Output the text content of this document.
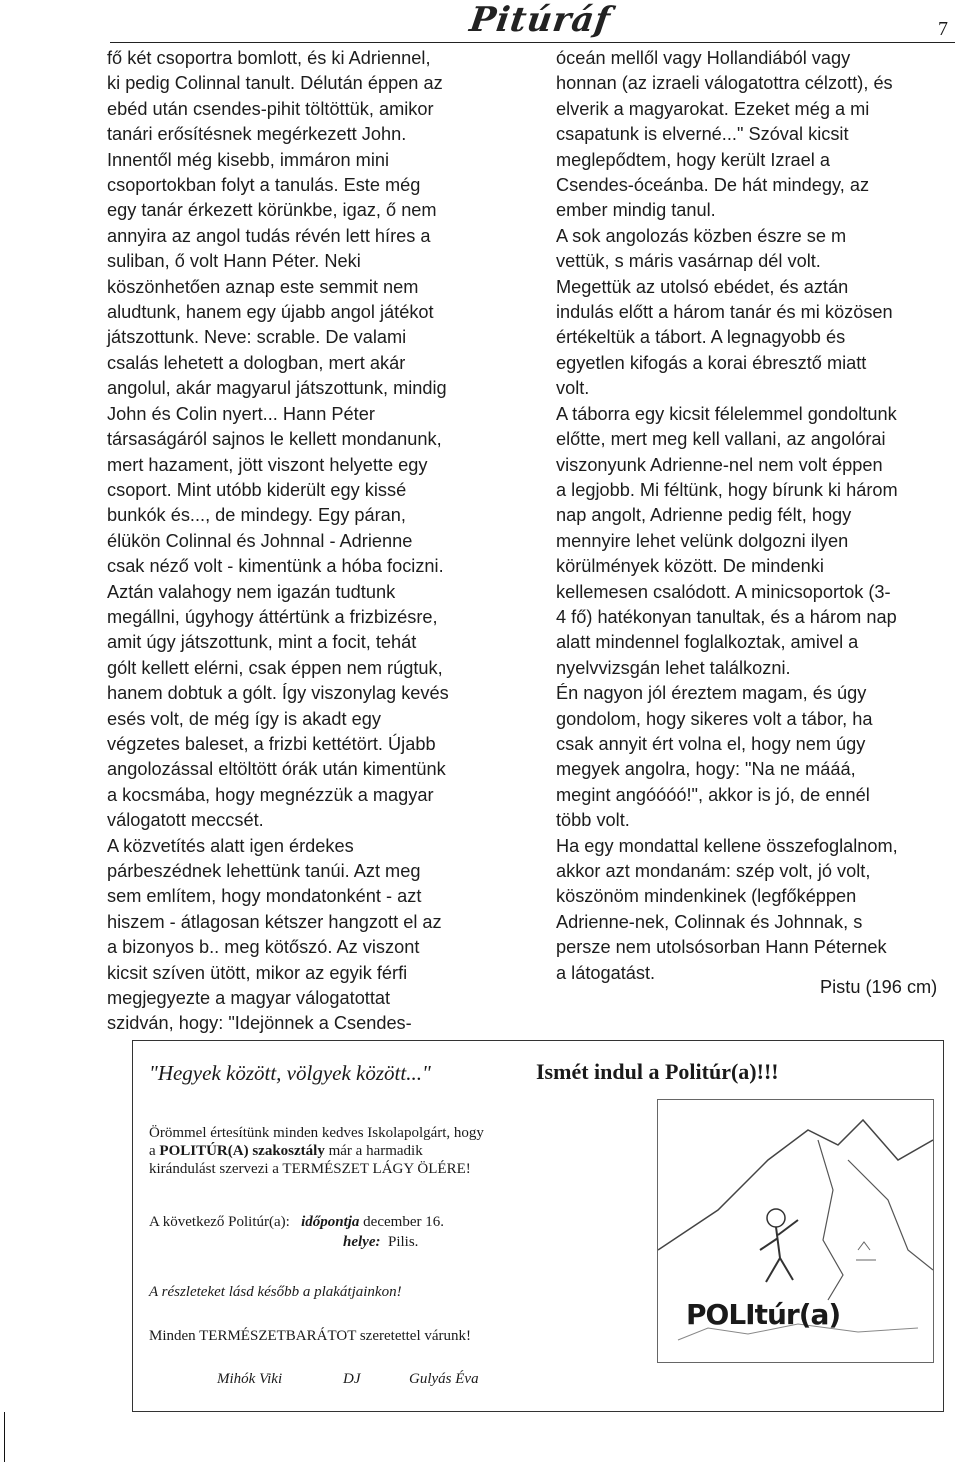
Pitúráf	7

fő két csoportra bomlott, és ki Adriennel,

ki pedig Colinnal tanult. Délután éppen az

ebéd után csendes-pihit töltöttük, amikor

tanári erősítésnek megérkezett John.

Innentől még kisebb, immáron mini

csoportokban folyt a tanulás. Este még

egy tanár érkezett körünkbe, igaz, ő nem

annyira az angol tudás révén lett híres a

suliban, ő volt Hann Péter. Neki

köszönhetően aznap este semmit nem

aludtunk, hanem egy újabb angol játékot

játszottunk. Neve: scrable. De valami

csalás lehetett a dologban, mert akár

angolul, akár magyarul játszottunk, mindig

John és Colin nyert... Hann Péter

társaságáról sajnos le kellett mondanunk,

mert hazament, jött viszont helyette egy

csoport. Mint utóbb kiderült egy kissé

bunkók és..., de mindegy. Egy páran,

élükön Colinnal és Johnnal - Adrienne

csak néző volt - kimentünk a hóba focizni.

Aztán valahogy nem igazán tudtunk

megállni, úgyhogy áttértünk a frizbizésre,

amit úgy játszottunk, mint a focit, tehát

gólt kellett elérni, csak éppen nem rúgtuk,

hanem dobtuk a gólt. Így viszonylag kevés

esés volt, de még így is akadt egy

végzetes baleset, a frizbi kettétört. Újabb

angolozással eltöltött órák után kimentünk

a kocsmába, hogy megnézzük a magyar

válogatott meccsét.

A közvetítés alatt igen érdekes

párbeszédnek lehettünk tanúi. Azt meg

sem említem, hogy mondatonként - azt

hiszem - átlagosan kétszer hangzott el az

a bizonyos b.. meg kötőszó. Az viszont

kicsit szíven ütött, mikor az egyik férfi

megjegyezte a magyar válogatottat

szidván, hogy: "Idejönnek a Csendes-

óceán mellől vagy Hollandiából vagy

honnan (az izraeli válogatottra célzott), és

elverik a magyarokat. Ezeket még a mi

csapatunk is elverné..." Szóval kicsit

meglepődtem, hogy került Izrael a

Csendes-óceánba. De hát mindegy, az

ember mindig tanul.

A sok angolozás közben észre se m

vettük, s máris vasárnap dél volt.

Megettük az utolsó ebédet, és aztán

indulás előtt a három tanár és mi közösen

értékeltük a tábort. A legnagyobb és

egyetlen kifogás a korai ébresztő miatt

volt.

A táborra egy kicsit félelemmel gondoltunk

előtte, mert meg kell vallani, az angolórai

viszonyunk Adrienne-nel nem volt éppen

a legjobb. Mi féltünk, hogy bírunk ki három

nap angolt, Adrienne pedig félt, hogy

mennyire lehet velünk dolgozni ilyen

körülmények között. De mindenki

kellemesen csalódott. A minicsoportok (3-

4 fő) hatékonyan tanultak, és a három nap

alatt mindennel foglalkoztak, amivel a

nyelvvizsgán lehet találkozni.

Én nagyon jól éreztem magam, és úgy

gondolom, hogy sikeres volt a tábor, ha

csak annyit ért volna el, hogy nem úgy

megyek angolra, hogy: "Na ne mááá,

megint angóóóó!", akkor is jó, de ennél

több volt.

Ha egy mondattal kellene összefoglalnom,

akkor azt mondanám: szép volt, jó volt,

köszönöm mindenkinek (legfőképpen

Adrienne-nek, Colinnak és Johnnak, s

persze nem utolsósorban Hann Péternek

a látogatást.

Pistu (196 cm)
"Hegyek között, völgyek között..."	Ismét indul a Politúr(a)!!!
Örömmel értesítünk minden kedves Iskolapolgárt, hogy
a POLITÚR(A) szakosztály már a harmadik
kirándulást szervezi a TERMÉSZET LÁGY ÖLÉRE!
A következő Politúr(a): időpontja december 16.
helye: Pilis.
A részleteket lásd később a plakátjainkon!
Minden TERMÉSZETBARÁTOT szeretettel várunk!
Mihók Viki	DJ	Gulyás Éva
POLItúr(a)
